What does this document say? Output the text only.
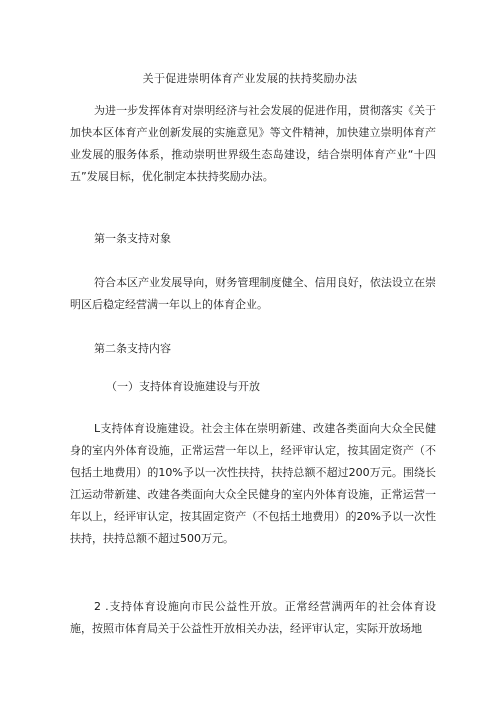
关于促进崇明体育产业发展的扶持奖励办法

为进一步发挥体育对崇明经济与社会发展的促进作用，贯彻落实《关于加快本区体育产业创新发展的实施意见》等文件精神，加快建立崇明体育产业发展的服务体系，推动崇明世界级生态岛建设，结合崇明体育产业“十四五”发展目标，优化制定本扶持奖励办法。

第一条支持对象

符合本区产业发展导向，财务管理制度健全、信用良好，依法设立在崇明区后稳定经营满一年以上的体育企业。

第二条支持内容

（一）支持体育设施建设与开放

L支持体育设施建设。社会主体在崇明新建、改建各类面向大众全民健身的室内外体育设施，正常运营一年以上，经评审认定，按其固定资产（不包括土地费用）的10%予以一次性扶持，扶持总额不超过200万元。围绕长江运动带新建、改建各类面向大众全民健身的室内外体育设施，正常运营一年以上，经评审认定，按其固定资产（不包括土地费用）的20%予以一次性扶持，扶持总额不超过500万元。

2 .支持体育设施向市民公益性开放。正常经营满两年的社会体育设施，按照市体育局关于公益性开放相关办法，经评审认定，实际开放场地
